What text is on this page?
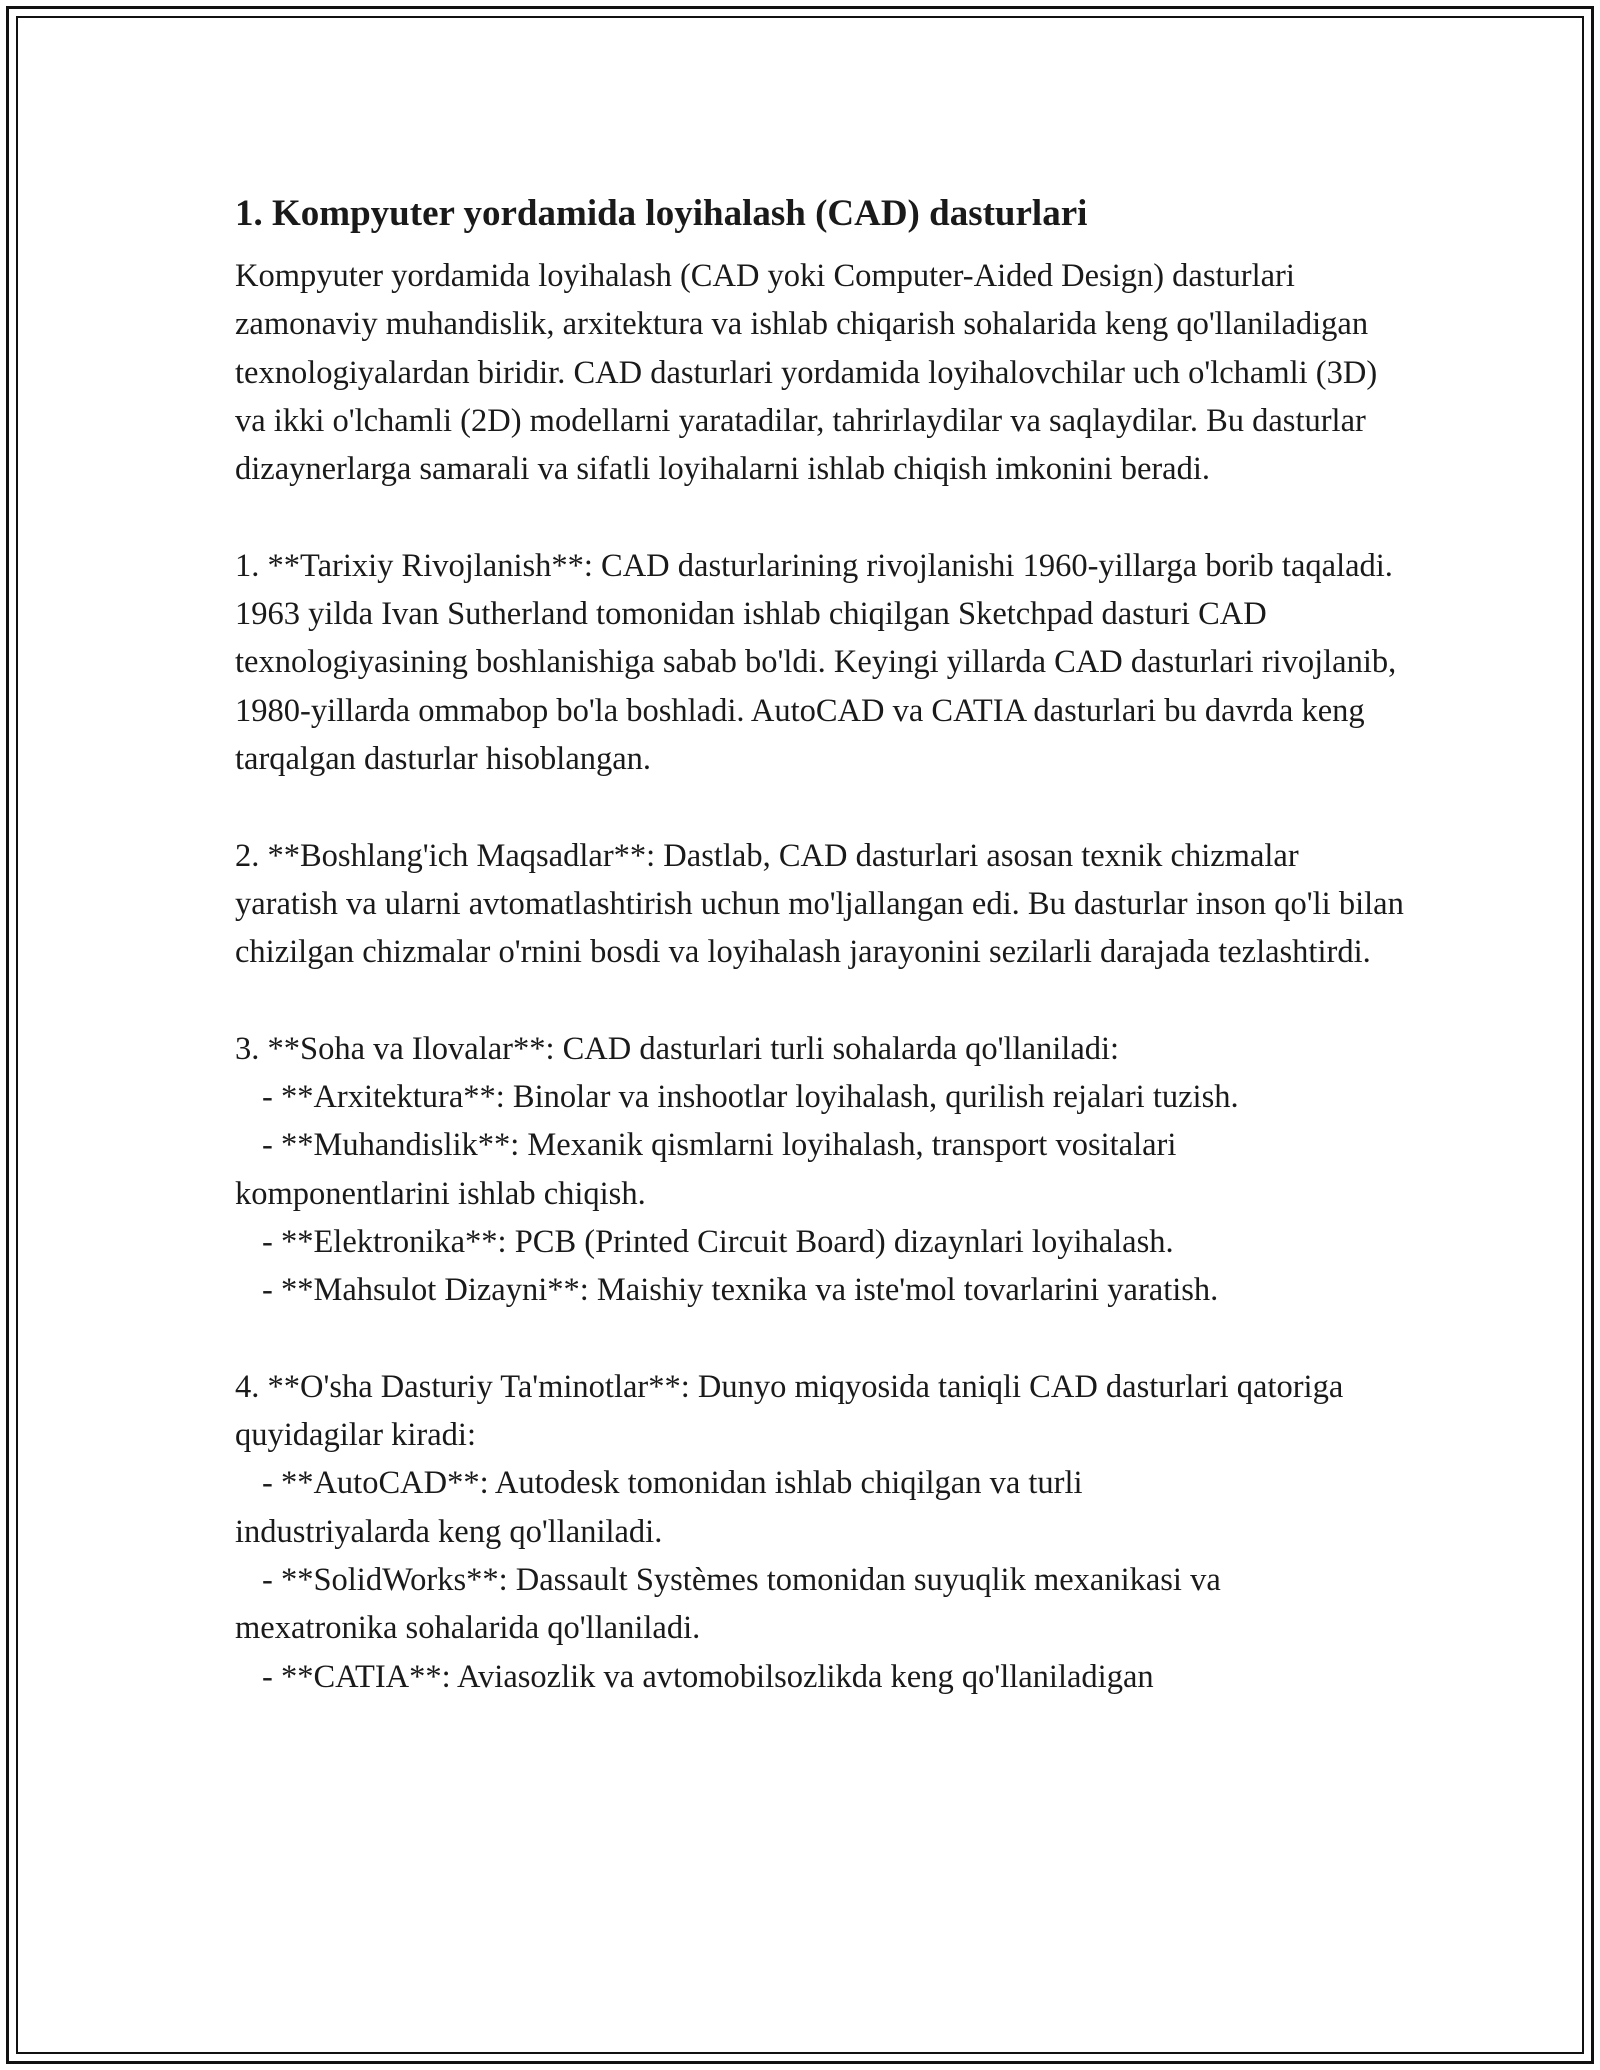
1. Kompyuter yordamida loyihalash (CAD) dasturlari

Kompyuter yordamida loyihalash (CAD yoki Computer-Aided Design) dasturlari zamonaviy muhandislik, arxitektura va ishlab chiqarish sohalarida keng qo'llaniladigan texnologiyalardan biridir. CAD dasturlari yordamida loyihalovchilar uch o'lchamli (3D) va ikki o'lchamli (2D) modellarni yaratadilar, tahrirlaydilar va saqlaydilar. Bu dasturlar dizaynerlarga samarali va sifatli loyihalarni ishlab chiqish imkonini beradi.

1. **Tarixiy Rivojlanish**: CAD dasturlarining rivojlanishi 1960-yillarga borib taqaladi. 1963 yilda Ivan Sutherland tomonidan ishlab chiqilgan Sketchpad dasturi CAD texnologiyasining boshlanishiga sabab bo'ldi. Keyingi yillarda CAD dasturlari rivojlanib, 1980-yillarda ommabop bo'la boshladi. AutoCAD va CATIA dasturlari bu davrda keng tarqalgan dasturlar hisoblangan.

2. **Boshlang'ich Maqsadlar**: Dastlab, CAD dasturlari asosan texnik chizmalar yaratish va ularni avtomatlashtirish uchun mo'ljallangan edi. Bu dasturlar inson qo'li bilan chizilgan chizmalar o'rnini bosdi va loyihalash jarayonini sezilarli darajada tezlashtirdi.

3. **Soha va Ilovalar**: CAD dasturlari turli sohalarda qo'llaniladi:

- **Arxitektura**: Binolar va inshootlar loyihalash, qurilish rejalari tuzish.

- **Muhandislik**: Mexanik qismlarni loyihalash, transport vositalari

komponentlarini ishlab chiqish.

- **Elektronika**: PCB (Printed Circuit Board) dizaynlari loyihalash.

- **Mahsulot Dizayni**: Maishiy texnika va iste'mol tovarlarini yaratish.

4. **O'sha Dasturiy Ta'minotlar**: Dunyo miqyosida taniqli CAD dasturlari qatoriga quyidagilar kiradi:

- **AutoCAD**: Autodesk tomonidan ishlab chiqilgan va turli

industriyalarda keng qo'llaniladi.

- **SolidWorks**: Dassault Systèmes tomonidan suyuqlik mexanikasi va

mexatronika sohalarida qo'llaniladi.

- **CATIA**: Aviasozlik va avtomobilsozlikda keng qo'llaniladigan
